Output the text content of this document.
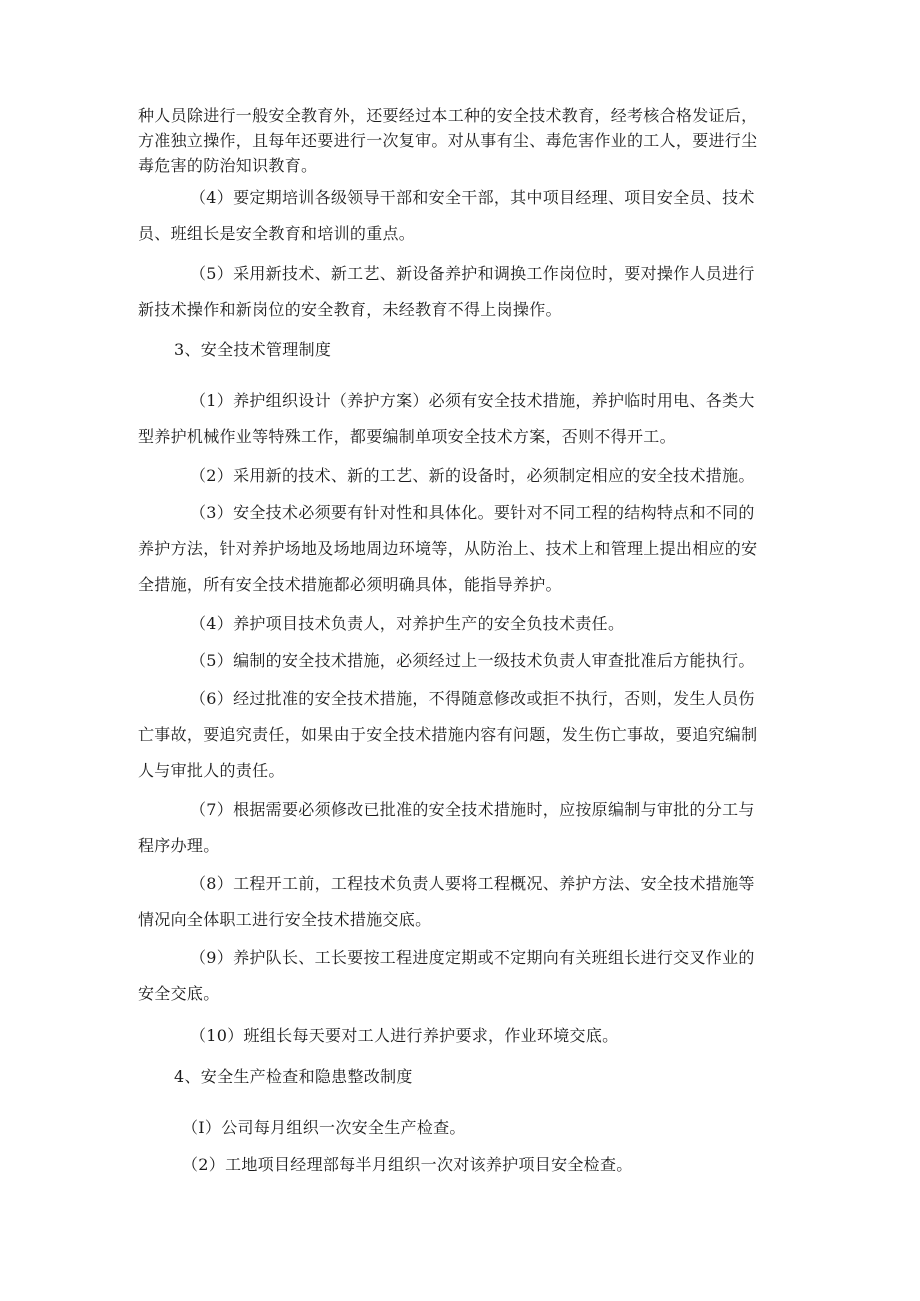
种人员除进行一般安全教育外，还要经过本工种的安全技术教育，经考核合格发证后，
方准独立操作，且每年还要进行一次复审。对从事有尘、毒危害作业的工人，要进行尘
毒危害的防治知识教育。
（4）要定期培训各级领导干部和安全干部，其中项目经理、项目安全员、技术
员、班组长是安全教育和培训的重点。
（5）采用新技术、新工艺、新设备养护和调换工作岗位时，要对操作人员进行
新技术操作和新岗位的安全教育，未经教育不得上岗操作。
3、安全技术管理制度
（1）养护组织设计（养护方案）必须有安全技术措施，养护临时用电、各类大
型养护机械作业等特殊工作，都要编制单项安全技术方案，否则不得开工。
（2）采用新的技术、新的工艺、新的设备时，必须制定相应的安全技术措施。
（3）安全技术必须要有针对性和具体化。要针对不同工程的结构特点和不同的
养护方法，针对养护场地及场地周边环境等，从防治上、技术上和管理上提出相应的安
全措施，所有安全技术措施都必须明确具体，能指导养护。
（4）养护项目技术负责人，对养护生产的安全负技术责任。
（5）编制的安全技术措施，必须经过上一级技术负责人审查批准后方能执行。
（6）经过批准的安全技术措施，不得随意修改或拒不执行，否则，发生人员伤
亡事故，要追究责任，如果由于安全技术措施内容有问题，发生伤亡事故，要追究编制
人与审批人的责任。
（7）根据需要必须修改已批准的安全技术措施时，应按原编制与审批的分工与
程序办理。
（8）工程开工前，工程技术负责人要将工程概况、养护方法、安全技术措施等
情况向全体职工进行安全技术措施交底。
（9）养护队长、工长要按工程进度定期或不定期向有关班组长进行交叉作业的
安全交底。
（10）班组长每天要对工人进行养护要求，作业环境交底。
4、安全生产检查和隐患整改制度
（I）公司每月组织一次安全生产检查。
（2）工地项目经理部每半月组织一次对该养护项目安全检查。
